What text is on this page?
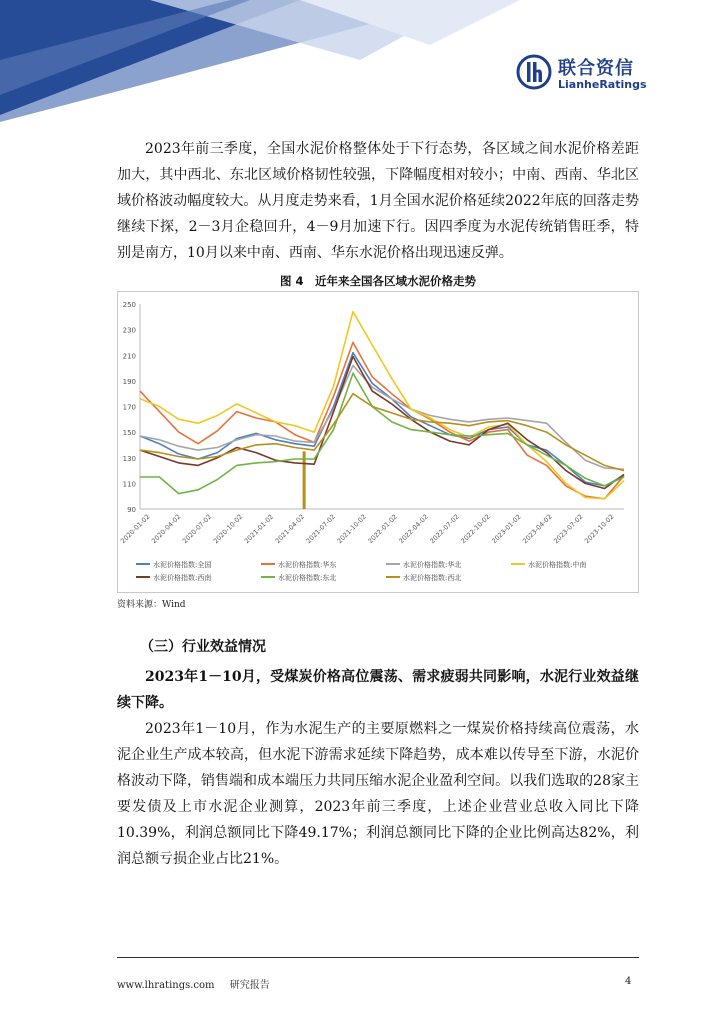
联合资信
LianheRatings

2023年前三季度，全国水泥价格整体处于下行态势，各区域之间水泥价格差距加大，其中西北、东北区域价格韧性较强，下降幅度相对较小；中南、西南、华北区域价格波动幅度较大。从月度走势来看，1月全国水泥价格延续2022年底的回落走势继续下探，2－3月企稳回升，4－9月加速下行。因四季度为水泥传统销售旺季，特别是南方，10月以来中南、西南、华东水泥价格出现迅速反弹。

图 4　近年来全国各区域水泥价格走势
90
110
130
150
170
190
210
230
250
2020-01-02
2020-04-02
2020-07-02
2020-10-02
2021-01-02
2021-04-02
2021-07-02
2021-10-02
2022-01-02
2022-04-02
2022-07-02
2022-10-02
2023-01-02
2023-04-02
2023-07-02
2023-10-02
水泥价格指数:全国	水泥价格指数:华东	水泥价格指数:华北	水泥价格指数:中南
水泥价格指数:西南	水泥价格指数:东北	水泥价格指数:西北
资料来源：Wind
（三）行业效益情况

2023年1－10月，受煤炭价格高位震荡、需求疲弱共同影响，水泥行业效益继续下降。

2023年1－10月，作为水泥生产的主要原燃料之一煤炭价格持续高位震荡，水泥企业生产成本较高，但水泥下游需求延续下降趋势，成本难以传导至下游，水泥价格波动下降，销售端和成本端压力共同压缩水泥企业盈利空间。以我们选取的28家主要发债及上市水泥企业测算，2023年前三季度，上述企业营业总收入同比下降10.39%，利润总额同比下降49.17%；利润总额同比下降的企业比例高达82%，利润总额亏损企业占比21%。

www.lhratings.com 研究报告	4
